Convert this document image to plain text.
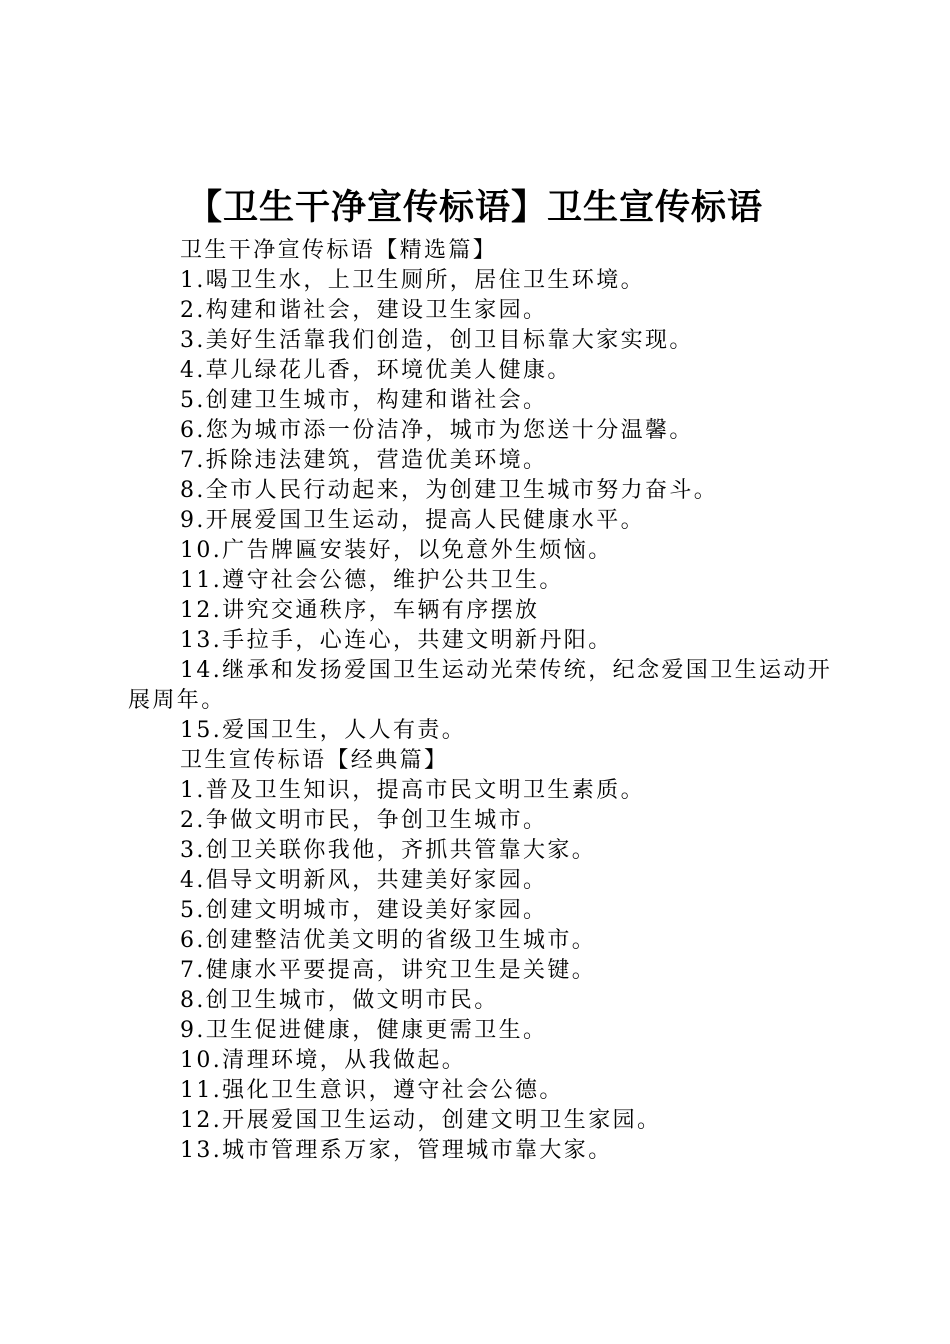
【卫生干净宣传标语】卫生宣传标语

卫生干净宣传标语【精选篇】

1.喝卫生水，上卫生厕所，居住卫生环境。

2.构建和谐社会，建设卫生家园。

3.美好生活靠我们创造，创卫目标靠大家实现。

4.草儿绿花儿香，环境优美人健康。

5.创建卫生城市，构建和谐社会。

6.您为城市添一份洁净，城市为您送十分温馨。

7.拆除违法建筑，营造优美环境。

8.全市人民行动起来，为创建卫生城市努力奋斗。

9.开展爱国卫生运动，提高人民健康水平。

10.广告牌匾安装好，以免意外生烦恼。

11.遵守社会公德，维护公共卫生。

12.讲究交通秩序，车辆有序摆放

13.手拉手，心连心，共建文明新丹阳。

14.继承和发扬爱国卫生运动光荣传统，纪念爱国卫生运动开展周年。

15.爱国卫生，人人有责。

卫生宣传标语【经典篇】

1.普及卫生知识，提高市民文明卫生素质。

2.争做文明市民，争创卫生城市。

3.创卫关联你我他，齐抓共管靠大家。

4.倡导文明新风，共建美好家园。

5.创建文明城市，建设美好家园。

6.创建整洁优美文明的省级卫生城市。

7.健康水平要提高，讲究卫生是关键。

8.创卫生城市，做文明市民。

9.卫生促进健康，健康更需卫生。

10.清理环境，从我做起。

11.强化卫生意识，遵守社会公德。

12.开展爱国卫生运动，创建文明卫生家园。

13.城市管理系万家，管理城市靠大家。
